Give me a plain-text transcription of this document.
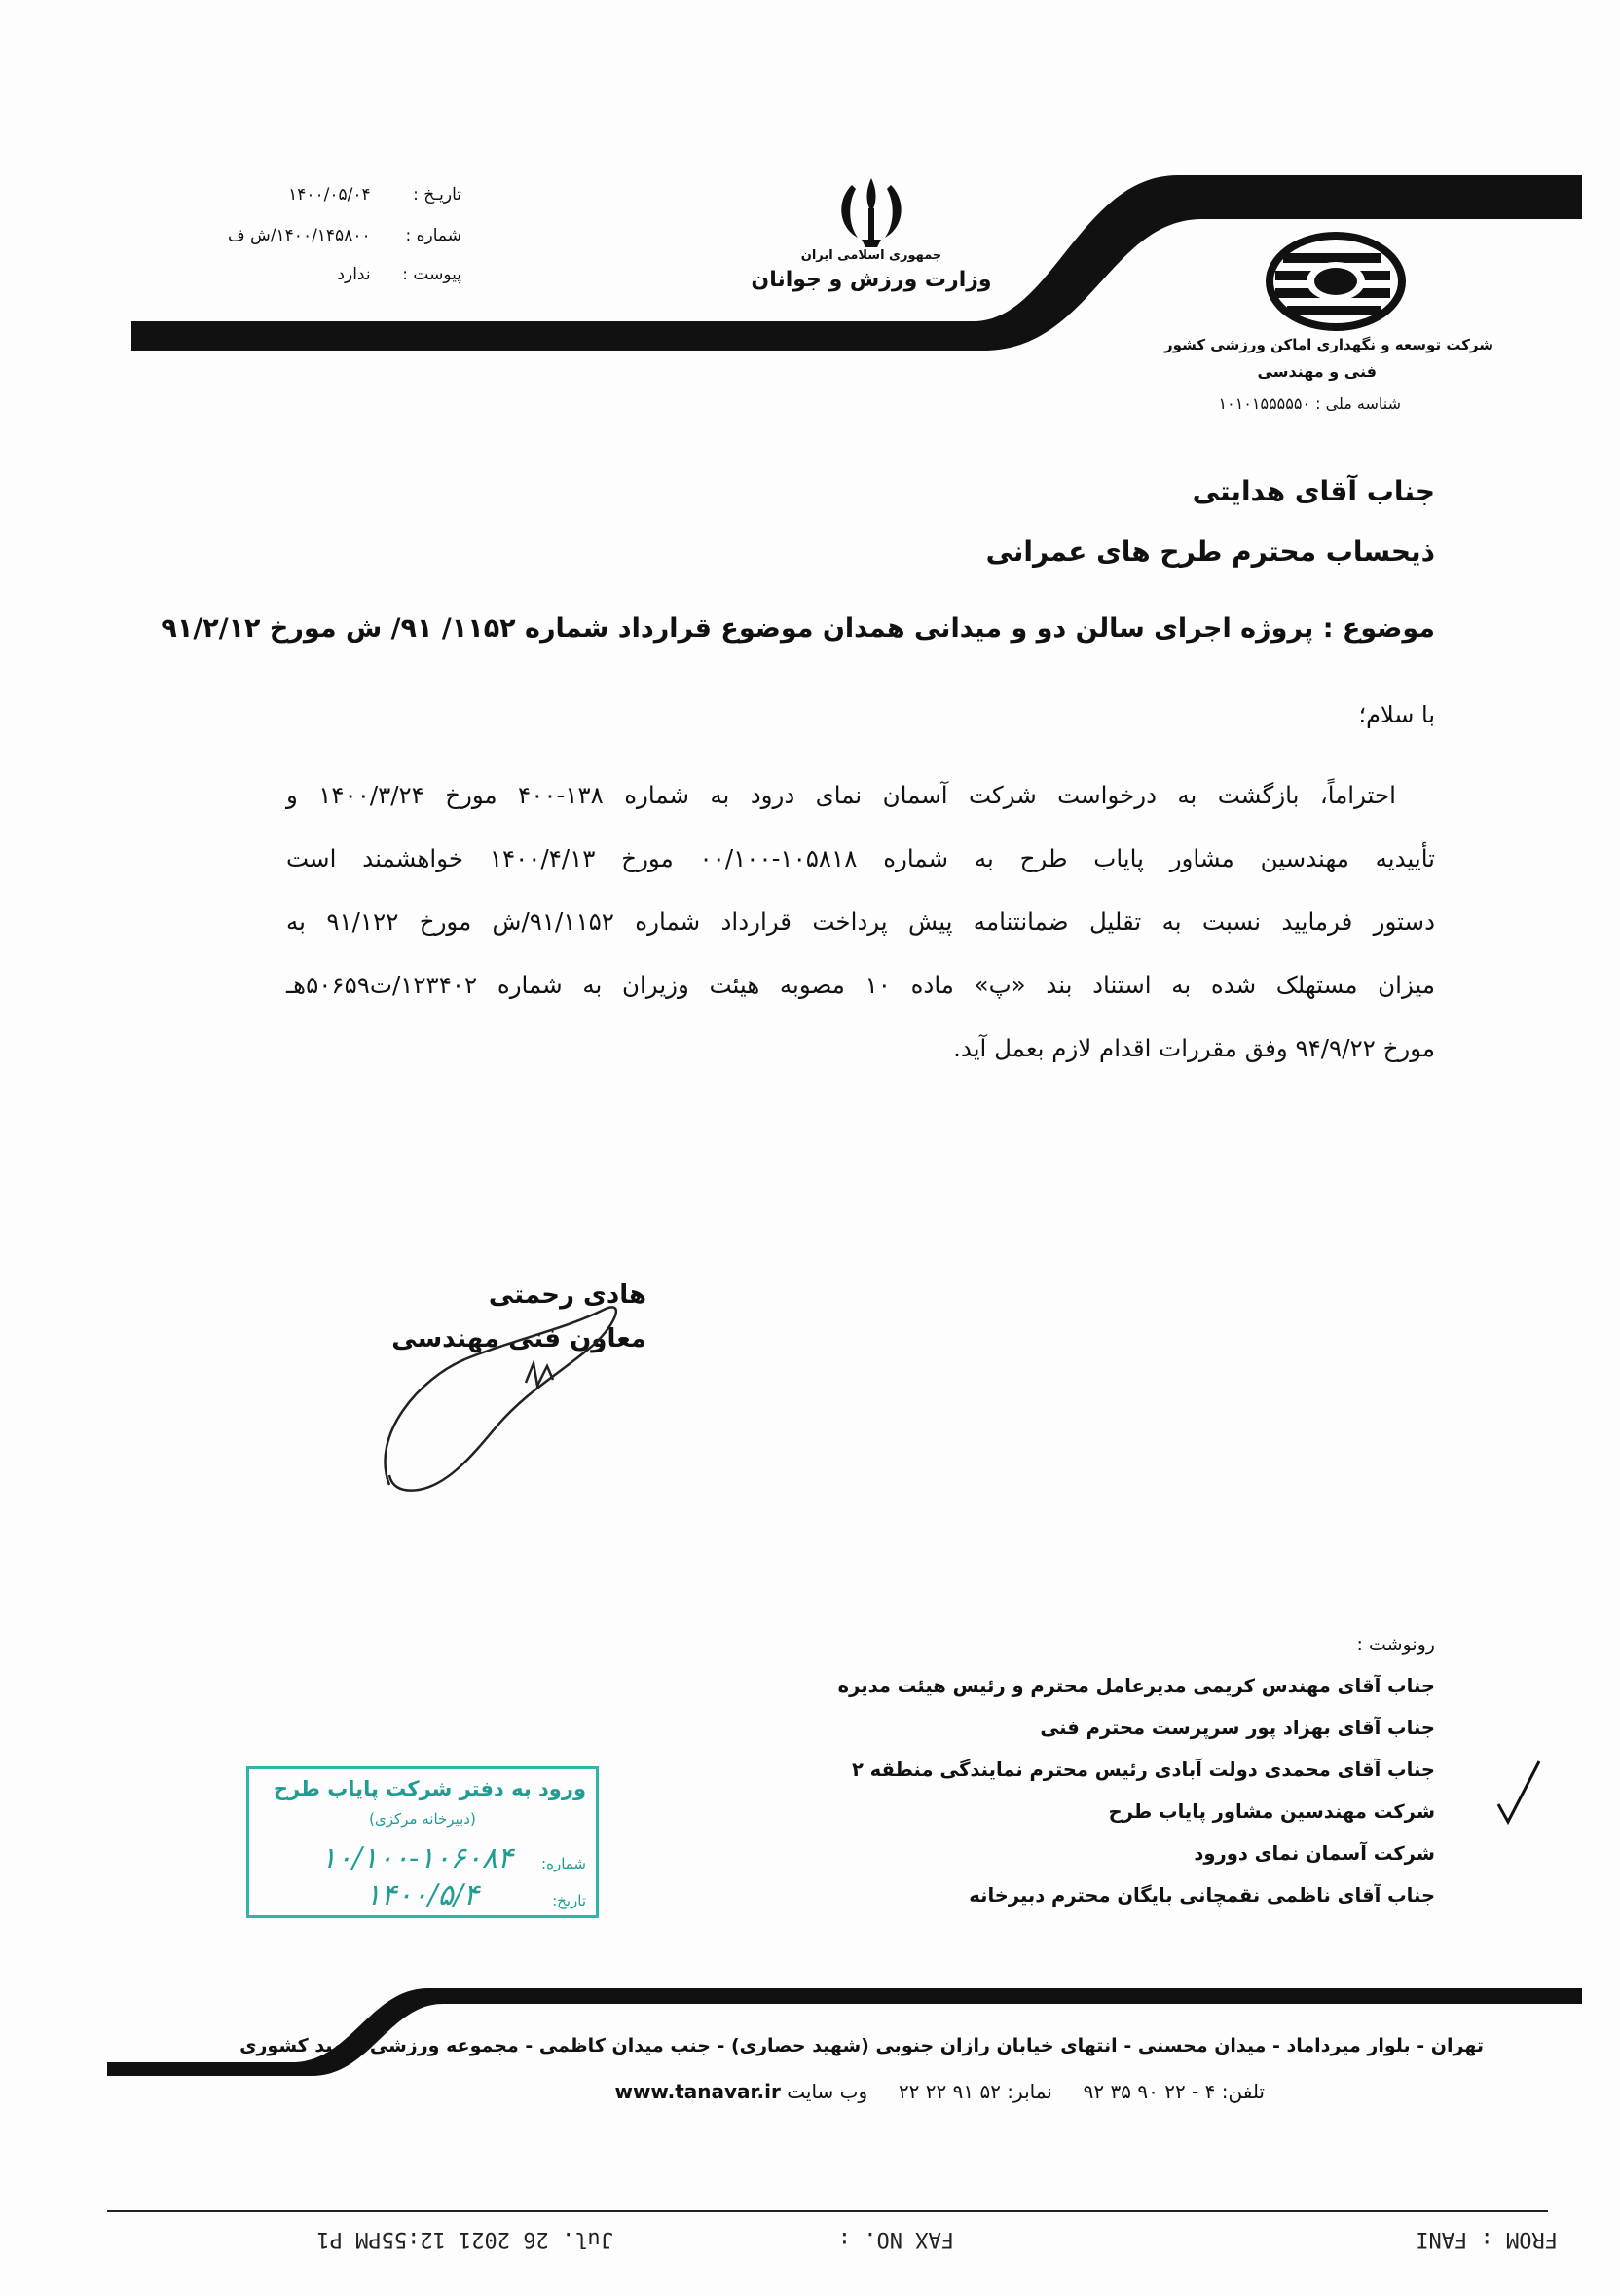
شرکت توسعه و نگهداری اماکن ورزشی کشور
فنی و مهندسی
شناسه ملی : ۱۰۱۰۱۵۵۵۵۵۰
جمهوری اسلامی ایران
وزارت ورزش و جوانان
تاریـخ : ۱۴۰۰/۰۵/۰۴
شماره : ۱۴۰۰/۱۴۵۸۰۰/ش ف
پیوست : ندارد
جناب آقای هدایتی
ذیحساب محترم طرح های عمرانی
موضوع : پروژه اجرای سالن دو و میدانی همدان موضوع قرارداد شماره ۱۱۵۲/ ۹۱/ ش مورخ ۹۱/۲/۱۲
با سلام؛
احتراماً، بازگشت به درخواست شرکت آسمان نمای درود به شماره ۱۳۸-۴۰۰ مورخ ۱۴۰۰/۳/۲۴ و
تأییدیه مهندسین مشاور پایاب طرح به شماره ۱۰۵۸۱۸-۰۰/۱۰۰ مورخ ۱۴۰۰/۴/۱۳ خواهشمند است
دستور فرمایید نسبت به تقلیل ضمانتنامه پیش پرداخت قرارداد شماره ۹۱/۱۱۵۲/ش مورخ ۹۱/۱۲۲ به
میزان مستهلک شده به استناد بند «پ» ماده ۱۰ مصوبه هیئت وزیران به شماره ۱۲۳۴۰۲/ت۵۰۶۵۹هـ
مورخ ۹۴/۹/۲۲ وفق مقررات اقدام لازم بعمل آید.
هادی رحمتی
معاون فنی مهندسی
رونوشت :
جناب آقای مهندس کریمی مدیرعامل محترم و رئیس هیئت مدیره
جناب آقای بهزاد پور سرپرست محترم فنی
جناب آقای محمدی دولت آبادی رئیس محترم نمایندگی منطقه ۲
شرکت مهندسین مشاور پایاب طرح
شرکت آسمان نمای دورود
جناب آقای ناظمی نقمچانی بایگان محترم دبیرخانه
ورود به دفتر شرکت پایاب طرح
(دبیرخانه مرکزی)
شماره:
۱۰/۱۰۰-۱۰۶۰۸۴
تاریخ:
۱۴۰۰/۵/۴
تهران - بلوار میرداماد - میدان محسنی - انتهای خیابان رازان جنوبی (شهید حصاری) - جنب میدان کاظمی - مجموعه ورزشی شهید کشوری
تلفن: ۴ - ۲۲ ۹۰ ۳۵ ۹۲     نمابر: ۵۲ ۹۱ ۲۲ ۲۲     وب سایت www.tanavar.ir
FROM : FANI
FAX NO. :
Jul. 26 2021 12:55PM P1
